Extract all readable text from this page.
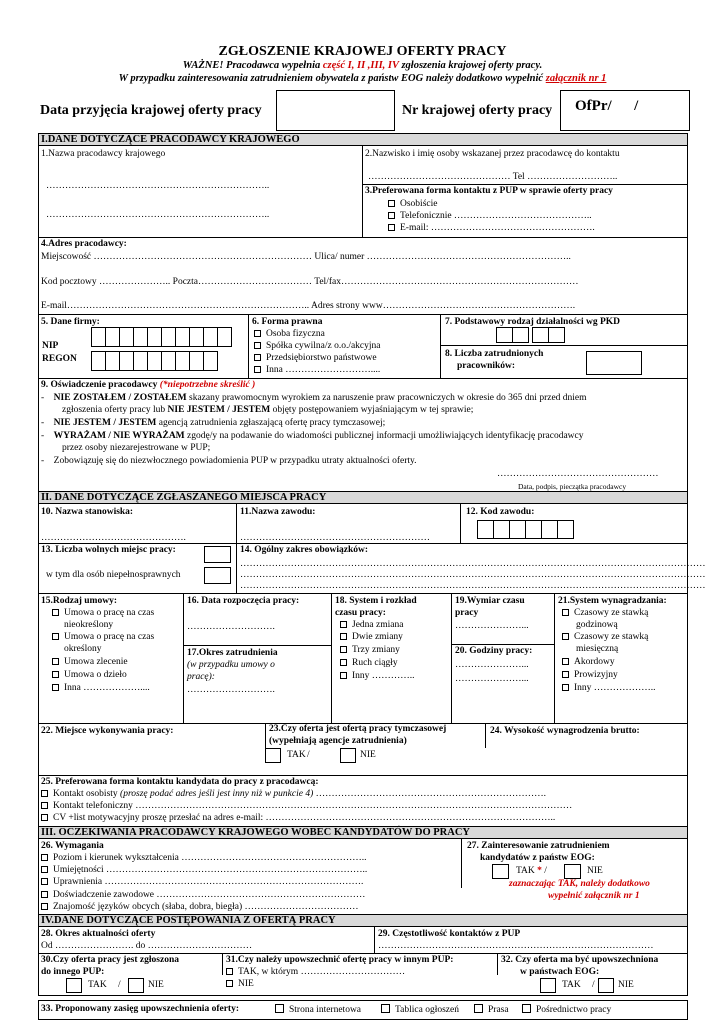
ZGŁOSZENIE KRAJOWEJ OFERTY PRACY
WAŻNE! Pracodawca wypełnia część I, II ,III, IV zgłoszenia krajowej oferty pracy.
W przypadku zainteresowania zatrudnieniem obywatela z państw EOG należy dodatkowo wypełnić załącznik nr 1
Data przyjęcia krajowej oferty pracy	Nr krajowej oferty pracy OfPr/      /
I.DANE DOTYCZĄCE PRACODAWCY KRAJOWEGO
1.Nazwa pracodawcy krajowego
……………………………………………………………..
……………………………………………………………..
2.Nazwisko i imię osoby wskazanej przez pracodawcę do kontaktu
……………………………………… Tel ………………………..
3.Preferowana forma kontaktu z PUP w sprawie oferty pracy
Osobiście
Telefonicznie ……………………………………..
E-mail: …………………………………………….
4.Adres pracodawcy:
Miejscowość …………………………………………………………… Ulica/ numer ………………………………………………………..
Kod pocztowy ………………….. Poczta……………………………… Tel/fax…………………………………………………………………
E-mail………………………………………………………………….. Adres strony www…………………………………………………….
5. Dane firmy:
NIP
REGON
6. Forma prawna
Osoba fizyczna
Spółka cywilna/z o.o./akcyjna
Przedsiębiorstwo państwowe
Inna ………………………....
7. Podstawowy rodzaj działalności wg PKD
8. Liczba zatrudnionych
pracowników:
9. Oświadczenie pracodawcy (*niepotrzebne skreślić )
-    NIE ZOSTAŁEM / ZOSTAŁEM skazany prawomocnym wyrokiem za naruszenie praw pracowniczych w okresie do 365 dni przed dniem
zgłoszenia oferty pracy lub NIE JESTEM / JESTEM objęty postępowaniem wyjaśniającym w tej sprawie;
-    NIE JESTEM / JESTEM agencją zatrudnienia zgłaszającą ofertę pracy tymczasowej;
-    WYRAŻAM / NIE WYRAŻAM zgodę/y na podawanie do wiadomości publicznej informacji umożliwiających identyfikację pracodawcy
przez osoby niezarejestrowane w PUP;
-    Zobowiązuję się do niezwłocznego powiadomienia PUP w przypadku utraty aktualności oferty.
……………………………………………
Data, podpis, pieczątka pracodawcy
II. DANE DOTYCZĄCE ZGŁASZANEGO MIEJSCA PRACY
10. Nazwa stanowiska:
……………………………………….
11.Nazwa zawodu:
……………………………………………………
12. Kod zawodu:
13. Liczba wolnych miejsc pracy:
w tym dla osób niepełnosprawnych
14. Ogólny zakres obowiązków:
…………………………………………………………………………………………………………………………………
…………………………………………………………………………………………………………………………………
…………………………………………………………………………………………………………………………………
15.Rodzaj umowy:
Umowa o pracę na czas
nieokreślony
Umowa o pracę na czas
określony
Umowa zlecenie
Umowa o dzieło
Inna ………………....
16. Data rozpoczęcia pracy:
……………………….
17.Okres zatrudnienia
(w przypadku umowy o
pracę):
……………………….
18. System i rozkład
czasu pracy:
Jedna zmiana
Dwie zmiany
Trzy zmiany
Ruch ciągły
Inny …………..
19.Wymiar czasu
pracy
…………………...
20. Godziny pracy:
…………………...
…………………...
21.System wynagradzania:
Czasowy ze stawką
godzinową
Czasowy ze stawką
miesięczną
Akordowy
Prowizyjny
Inny ………………..
22. Miejsce wykonywania pracy:	23.Czy oferta jest ofertą pracy tymczasowej
(wypełniają agencje zatrudnienia)
TAK /	NIE
24. Wysokość wynagrodzenia brutto:
25. Preferowana forma kontaktu kandydata do pracy z pracodawcą:
Kontakt osobisty (proszę podać adres jeśli jest inny niż w punkcie 4) ……………………………………………………………….
Kontakt telefoniczny …………………………………………………………………………………………………………………………
CV +list motywacyjny proszę przesłać na adres e-mail: ………………………………………………………………………………..
III. OCZEKIWANIA PRACODAWCY KRAJOWEGO WOBEC KANDYDATÓW DO PRACY
26. Wymagania
Poziom i kierunek wykształcenia …………………………………………………..
Umiejętności ………………………………………………………………………..
Uprawnienia ……………………………………………………………………….
Doświadczenie zawodowe …………………………………………………………
Znajomość języków obcych (słaba, dobra, biegła) ………………………………
27. Zainteresowanie zatrudnieniem
kandydatów z państw EOG:
TAK * /	NIE
zaznaczając TAK, należy dodatkowo
wypełnić załącznik nr 1
IV.DANE DOTYCZĄCE POSTĘPOWANIA Z OFERTĄ PRACY
28. Okres aktualności oferty
Od ……………………. do ……………………………
29. Częstotliwość kontaktów z PUP
……………………………………………………………………………
30.Czy oferta pracy jest zgłoszona
do innego PUP:
TAK /	NIE
31.Czy należy upowszechnić ofertę pracy w innym PUP:
TAK, w którym ……………………………
NIE
32. Czy oferta ma być upowszechniona
w państwach EOG:
TAK / NIE
33. Proponowany zasięg upowszechnienia oferty:	Strona internetowa	Tablica ogłoszeń	Prasa	Pośrednictwo pracy
